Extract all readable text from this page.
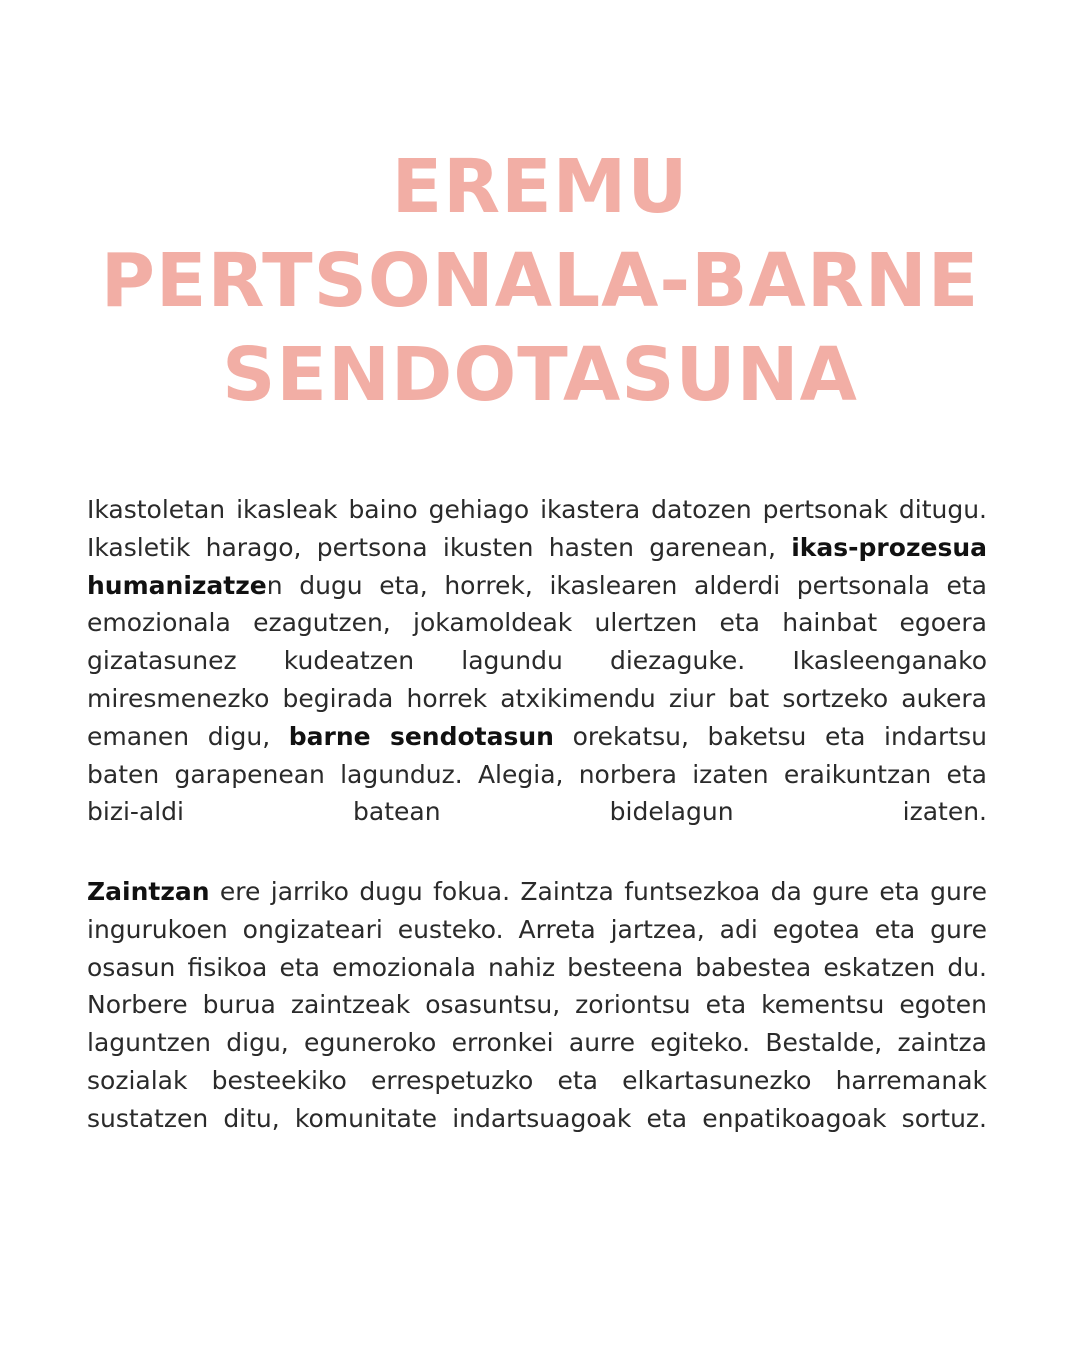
EREMU
PERTSONALA-BARNE
SENDOTASUNA

Ikastoletan ikasleak baino gehiago ikastera datozen pertsonak ditugu. Ikasletik harago, pertsona ikusten hasten garenean, ikas-prozesua humanizatzen dugu eta, horrek, ikaslearen alderdi pertsonala eta emozionala ezagutzen, jokamoldeak ulertzen eta hainbat egoera gizatasunez kudeatzen lagundu diezaguke. Ikasleenganako miresmenezko begirada horrek atxikimendu ziur bat sortzeko aukera emanen digu, barne sendotasun orekatsu, baketsu eta indartsu baten garapenean lagunduz. Alegia, norbera izaten eraikuntzan eta bizi-aldi batean bidelagun izaten.

Zaintzan ere jarriko dugu fokua. Zaintza funtsezkoa da gure eta gure ingurukoen ongizateari eusteko. Arreta jartzea, adi egotea eta gure osasun fisikoa eta emozionala nahiz besteena babestea eskatzen du. Norbere burua zaintzeak osasuntsu, zoriontsu eta kementsu egoten laguntzen digu, eguneroko erronkei aurre egiteko. Bestalde, zaintza sozialak besteekiko errespetuzko eta elkartasunezko harremanak sustatzen ditu, komunitate indartsuagoak eta enpatikoagoak sortuz.
